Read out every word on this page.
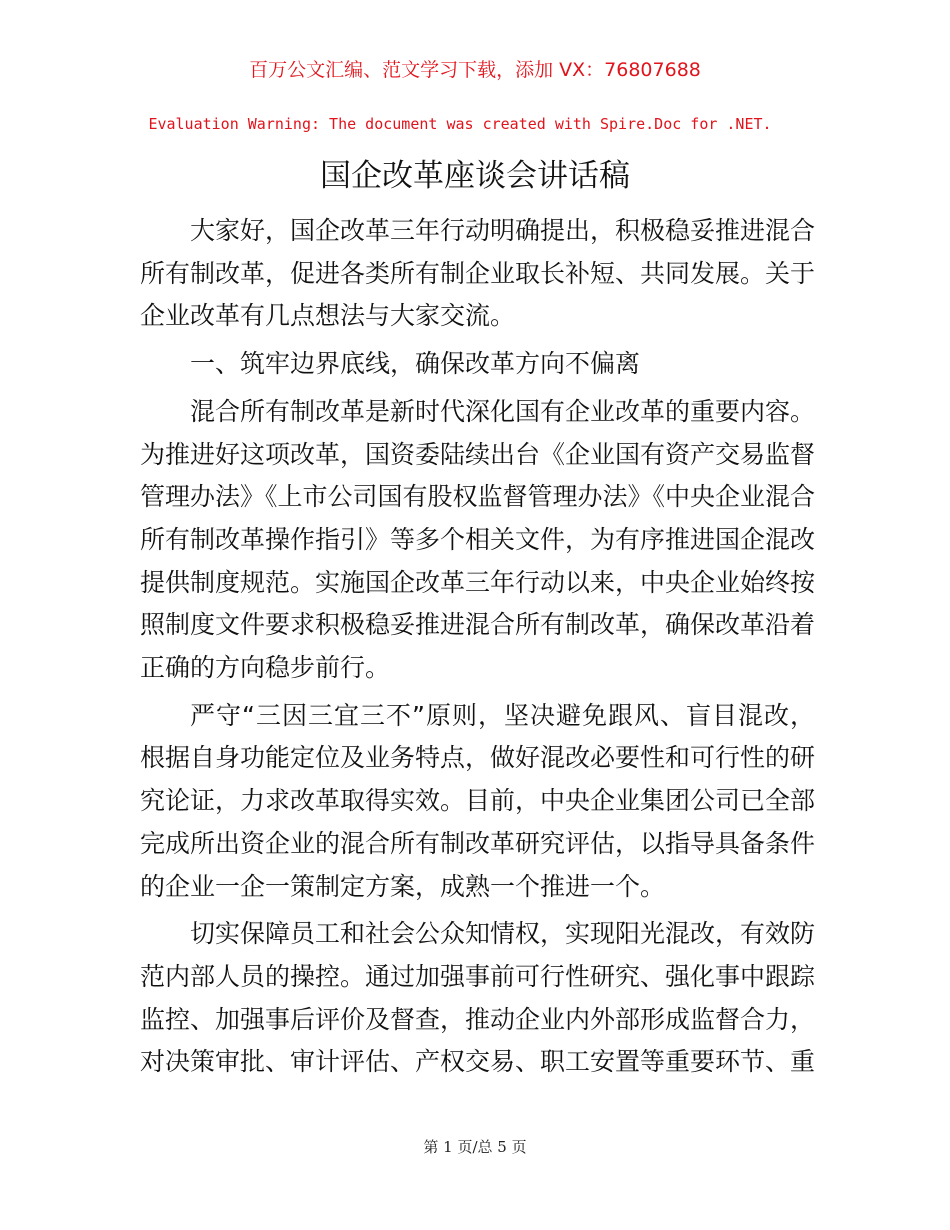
百万公文汇编、范文学习下载，添加 VX：76807688
Evaluation Warning: The document was created with Spire.Doc for .NET.
国企改革座谈会讲话稿

大家好，国企改革三年行动明确提出，积极稳妥推进混合所有制改革，促进各类所有制企业取长补短、共同发展。关于企业改革有几点想法与大家交流。

一、筑牢边界底线，确保改革方向不偏离

混合所有制改革是新时代深化国有企业改革的重要内容。为推进好这项改革，国资委陆续出台《企业国有资产交易监督管理办法》《上市公司国有股权监督管理办法》《中央企业混合所有制改革操作指引》等多个相关文件，为有序推进国企混改提供制度规范。实施国企改革三年行动以来，中央企业始终按照制度文件要求积极稳妥推进混合所有制改革，确保改革沿着正确的方向稳步前行。

严守“三因三宜三不”原则，坚决避免跟风、盲目混改，根据自身功能定位及业务特点，做好混改必要性和可行性的研究论证，力求改革取得实效。目前，中央企业集团公司已全部完成所出资企业的混合所有制改革研究评估，以指导具备条件的企业一企一策制定方案，成熟一个推进一个。

切实保障员工和社会公众知情权，实现阳光混改，有效防范内部人员的操控。通过加强事前可行性研究、强化事中跟踪监控、加强事后评价及督查，推动企业内外部形成监督合力，对决策审批、审计评估、产权交易、职工安置等重要环节、重

第 1 页/总 5 页
